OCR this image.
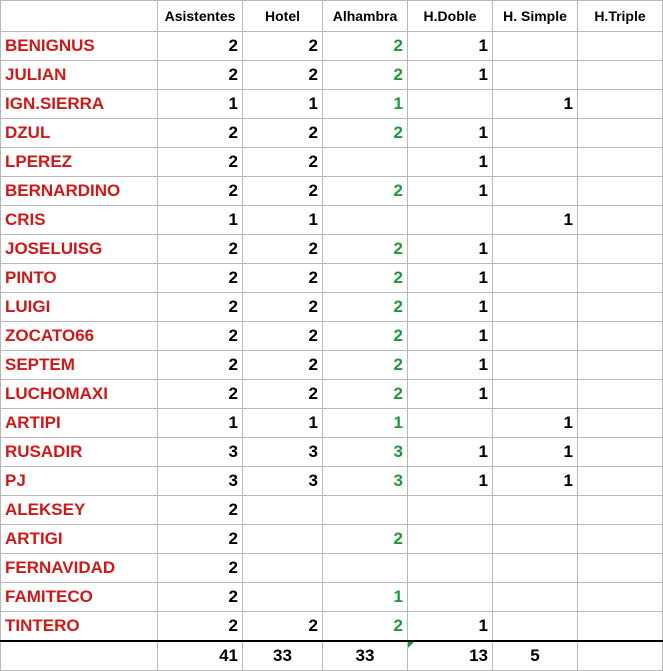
	Asistentes	Hotel	Alhambra	H.Doble	H. Simple	H.Triple
BENIGNUS	2	2	2	1		
JULIAN	2	2	2	1		
IGN.SIERRA	1	1	1		1	
DZUL	2	2	2	1		
LPEREZ	2	2		1		
BERNARDINO	2	2	2	1		
CRIS	1	1			1	
JOSELUISG	2	2	2	1		
PINTO	2	2	2	1		
LUIGI	2	2	2	1		
ZOCATO66	2	2	2	1		
SEPTEM	2	2	2	1		
LUCHOMAXI	2	2	2	1		
ARTIPI	1	1	1		1	
RUSADIR	3	3	3	1	1	
PJ	3	3	3	1	1	
ALEKSEY	2					
ARTIGI	2		2			
FERNAVIDAD	2					
FAMITECO	2		1			
TINTERO	2	2	2	1		
	41	33	33	13	5	
